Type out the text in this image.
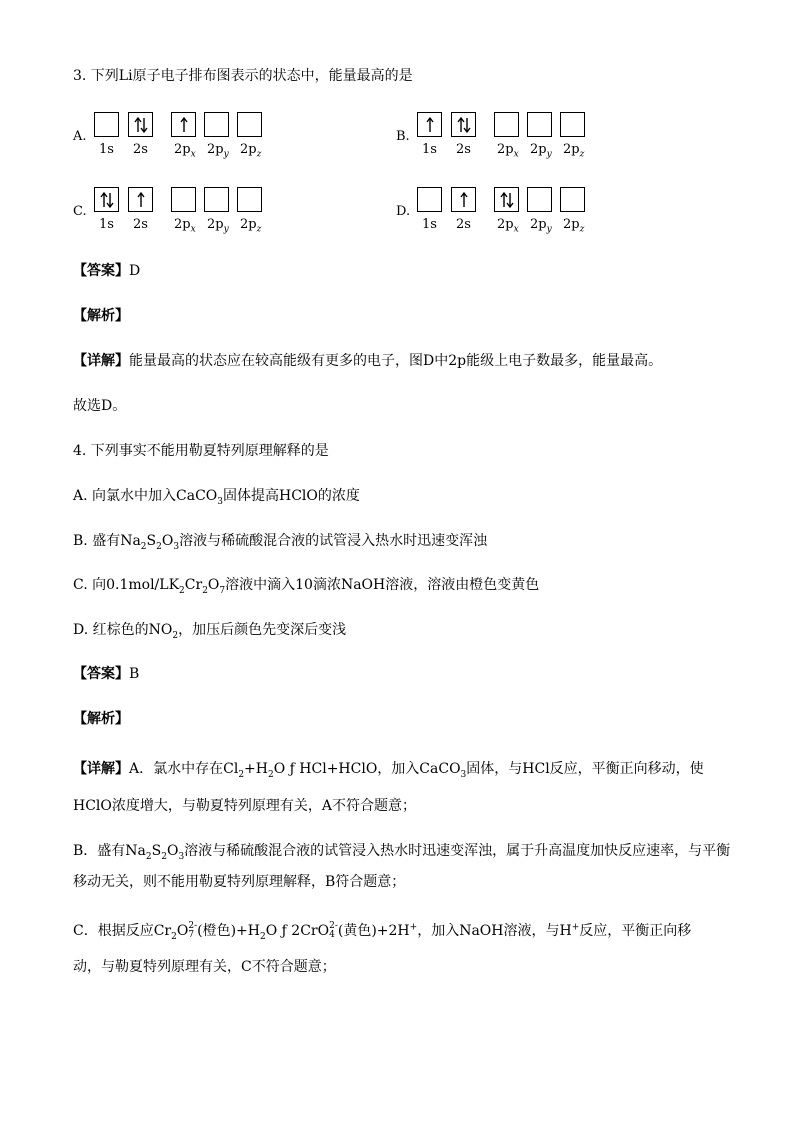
3. 下列Li原子电子排布图表示的状态中，能量最高的是
A.
1s 2s $2p_x$ $2p_y$ $2p_z$
B.
1s 2s $2p_x$ $2p_y$ $2p_z$
C.
1s 2s $2p_x$ $2p_y$ $2p_z$
D.
1s 2s $2p_x$ $2p_y$ $2p_z$
【答案】D
【解析】
【详解】能量最高的状态应在较高能级有更多的电子，图D中2p能级上电子数最多，能量最高。
故选D。
4. 下列事实不能用勒夏特列原理解释的是
A. 向氯水中加入CaCO$_3$固体提高HClO的浓度
B. 盛有$Na_2S_2O_3$溶液与稀硫酸混合液的试管浸入热水时迅速变浑浊
C. 向$0.1mol/LK_2Cr_2O_7$溶液中滴入10滴浓NaOH溶液，溶液由橙色变黄色
D. 红棕色的$NO_2$，加压后颜色先变深后变浅
【答案】B
【解析】
【详解】A．氯水中存在$Cl_2+H_2O$ ƒ HCl+HClO，加入CaCO$_3$固体，与HCl反应，平衡正向移动，使
HClO浓度增大，与勒夏特列原理有关，A不符合题意；
B．盛有$Na_2S_2O_3$溶液与稀硫酸混合液的试管浸入热水时迅速变浑浊，属于升高温度加快反应速率，与平衡
移动无关，则不能用勒夏特列原理解释，B符合题意；
C．根据反应$Cr_2O$ 2-
7 (橙色)$+H_2O$ ƒ 2CrO 2-
4 (黄色)+2H+，加入NaOH溶液，与H+反应，平衡正向移
动，与勒夏特列原理有关，C不符合题意；
